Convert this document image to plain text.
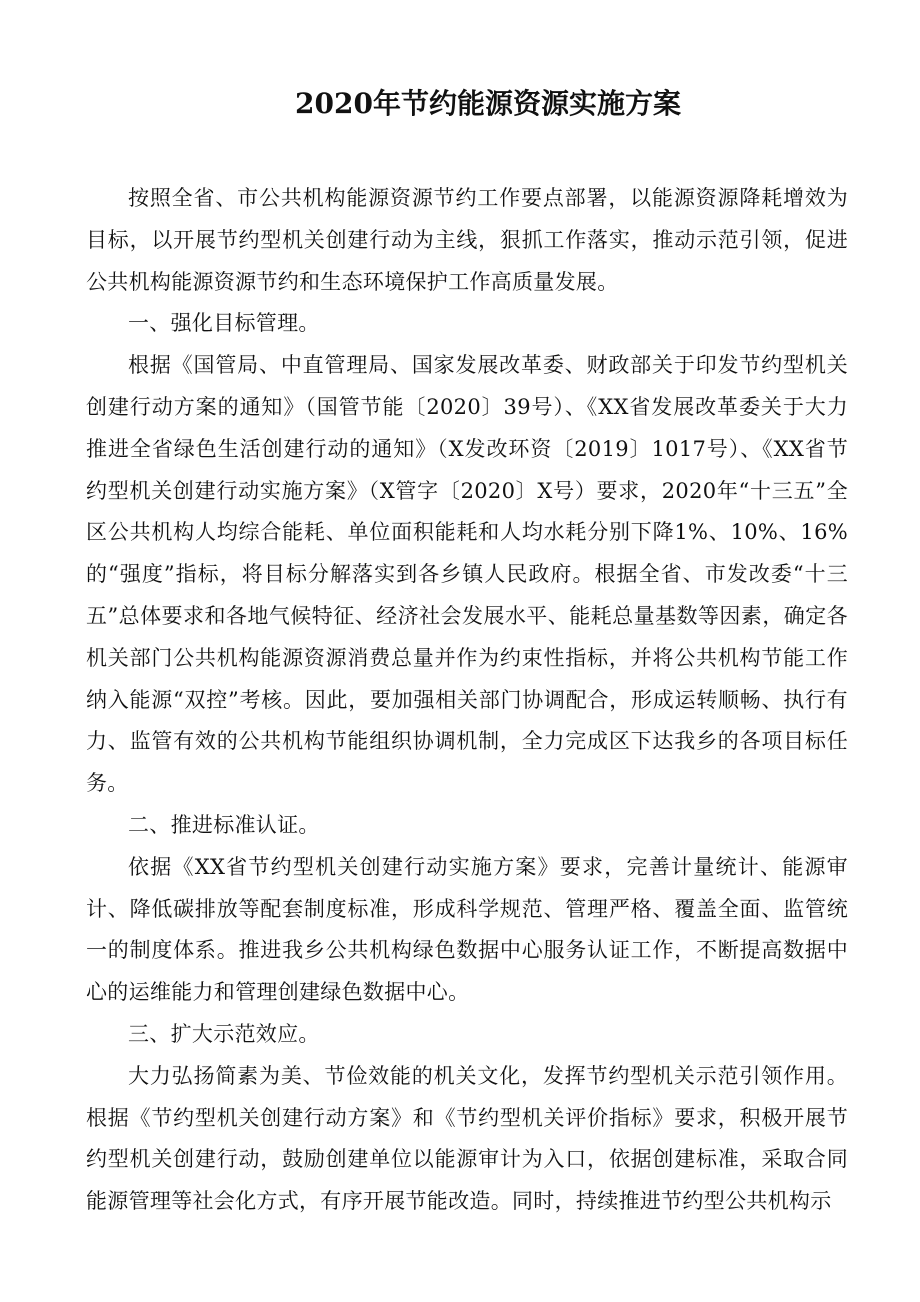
2020年节约能源资源实施方案

按照全省、市公共机构能源资源节约工作要点部署，以能源资源降耗增效为目标，以开展节约型机关创建行动为主线，狠抓工作落实，推动示范引领，促进公共机构能源资源节约和生态环境保护工作高质量发展。

一、强化目标管理。

根据《国管局、中直管理局、国家发展改革委、财政部关于印发节约型机关创建行动方案的通知》（国管节能〔2020〕39号）、《XX省发展改革委关于大力推进全省绿色生活创建行动的通知》（X发改环资〔2019〕1017号）、《XX省节约型机关创建行动实施方案》（X管字〔2020〕X号）要求，2020年“十三五”全区公共机构人均综合能耗、单位面积能耗和人均水耗分别下降1%、10%、16%的“强度”指标，将目标分解落实到各乡镇人民政府。根据全省、市发改委“十三五”总体要求和各地气候特征、经济社会发展水平、能耗总量基数等因素，确定各机关部门公共机构能源资源消费总量并作为约束性指标，并将公共机构节能工作纳入能源“双控”考核。因此，要加强相关部门协调配合，形成运转顺畅、执行有力、监管有效的公共机构节能组织协调机制，全力完成区下达我乡的各项目标任务。

二、推进标准认证。

依据《XX省节约型机关创建行动实施方案》要求，完善计量统计、能源审计、降低碳排放等配套制度标准，形成科学规范、管理严格、覆盖全面、监管统一的制度体系。推进我乡公共机构绿色数据中心服务认证工作，不断提高数据中心的运维能力和管理创建绿色数据中心。

三、扩大示范效应。

大力弘扬简素为美、节俭效能的机关文化，发挥节约型机关示范引领作用。根据《节约型机关创建行动方案》和《节约型机关评价指标》要求，积极开展节约型机关创建行动，鼓励创建单位以能源审计为入口，依据创建标准，采取合同能源管理等社会化方式，有序开展节能改造。同时，持续推进节约型公共机构示
